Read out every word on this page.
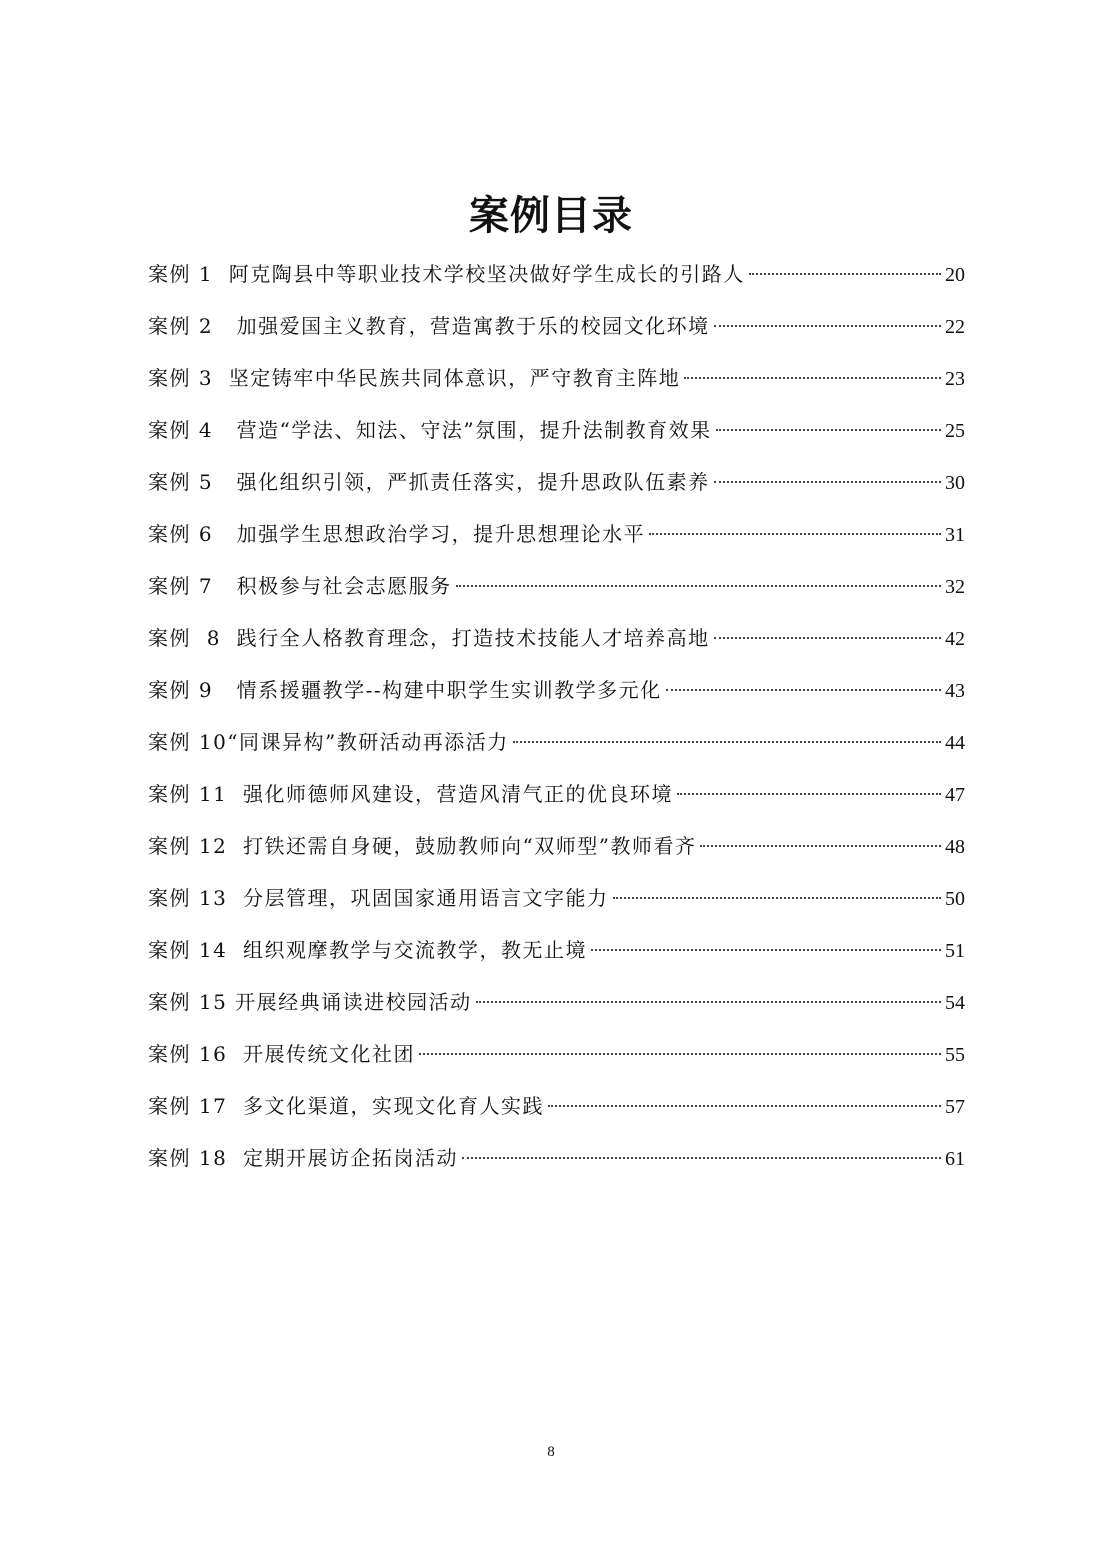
案例目录
案例 1  阿克陶县中等职业技术学校坚决做好学生成长的引路人	20
案例 2   加强爱国主义教育，营造寓教于乐的校园文化环境	22
案例 3  坚定铸牢中华民族共同体意识，严守教育主阵地	23
案例 4   营造“学法、知法、守法”氛围，提升法制教育效果	25
案例 5   强化组织引领，严抓责任落实，提升思政队伍素养	30
案例 6   加强学生思想政治学习，提升思想理论水平	31
案例 7   积极参与社会志愿服务	32
案例  8  践行全人格教育理念，打造技术技能人才培养高地	42
案例 9   情系援疆教学--构建中职学生实训教学多元化	43
案例 10“同课异构”教研活动再添活力	44
案例 11  强化师德师风建设，营造风清气正的优良环境	47
案例 12  打铁还需自身硬，鼓励教师向“双师型”教师看齐	48
案例 13  分层管理，巩固国家通用语言文字能力	50
案例 14  组织观摩教学与交流教学，教无止境	51
案例 15 开展经典诵读进校园活动	54
案例 16  开展传统文化社团	55
案例 17  多文化渠道，实现文化育人实践	57
案例 18  定期开展访企拓岗活动	61
8
